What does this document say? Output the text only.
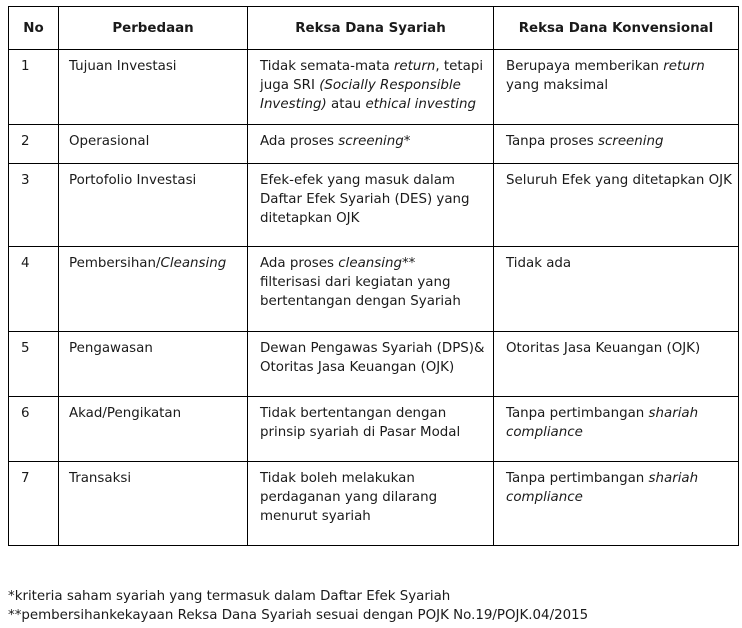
No	Perbedaan	Reksa Dana Syariah	Reksa Dana Konvensional
1	Tujuan Investasi	Tidak semata-mata return, tetapi
juga SRI (Socially Responsible
Investing) atau ethical investing	Berupaya memberikan return
yang maksimal
2	Operasional	Ada proses screening*	Tanpa proses screening
3	Portofolio Investasi	Efek-efek yang masuk dalam
Daftar Efek Syariah (DES) yang
ditetapkan OJK	Seluruh Efek yang ditetapkan OJK
4	Pembersihan/Cleansing	Ada proses cleansing**
filterisasi dari kegiatan yang
bertentangan dengan Syariah	Tidak ada
5	Pengawasan	Dewan Pengawas Syariah (DPS)&
Otoritas Jasa Keuangan (OJK)	Otoritas Jasa Keuangan (OJK)
6	Akad/Pengikatan	Tidak bertentangan dengan
prinsip syariah di Pasar Modal	Tanpa pertimbangan shariah
compliance
7	Transaksi	Tidak boleh melakukan
perdaganan yang dilarang
menurut syariah	Tanpa pertimbangan shariah
compliance
*kriteria saham syariah yang termasuk dalam Daftar Efek Syariah
**pembersihankekayaan Reksa Dana Syariah sesuai dengan POJK No.19/POJK.04/2015
